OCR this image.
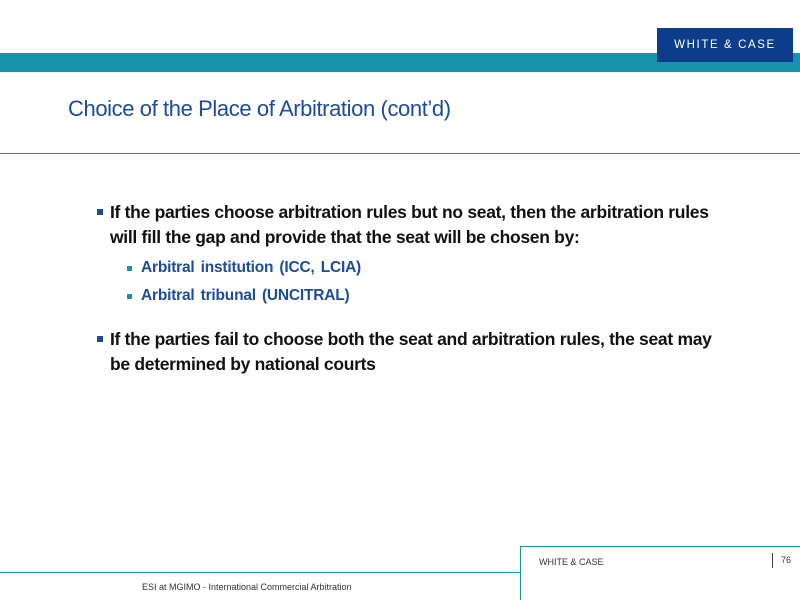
WHITE & CASE
Choice of the Place of Arbitration (cont’d)
If the parties choose arbitration rules but no seat, then the arbitration rules will fill the gap and provide that the seat will be chosen by:
Arbitral institution (ICC, LCIA)
Arbitral tribunal (UNCITRAL)
If the parties fail to choose both the seat and arbitration rules, the seat may be determined by national courts
WHITE & CASE	76
ESI at MGIMO - International Commercial Arbitration
